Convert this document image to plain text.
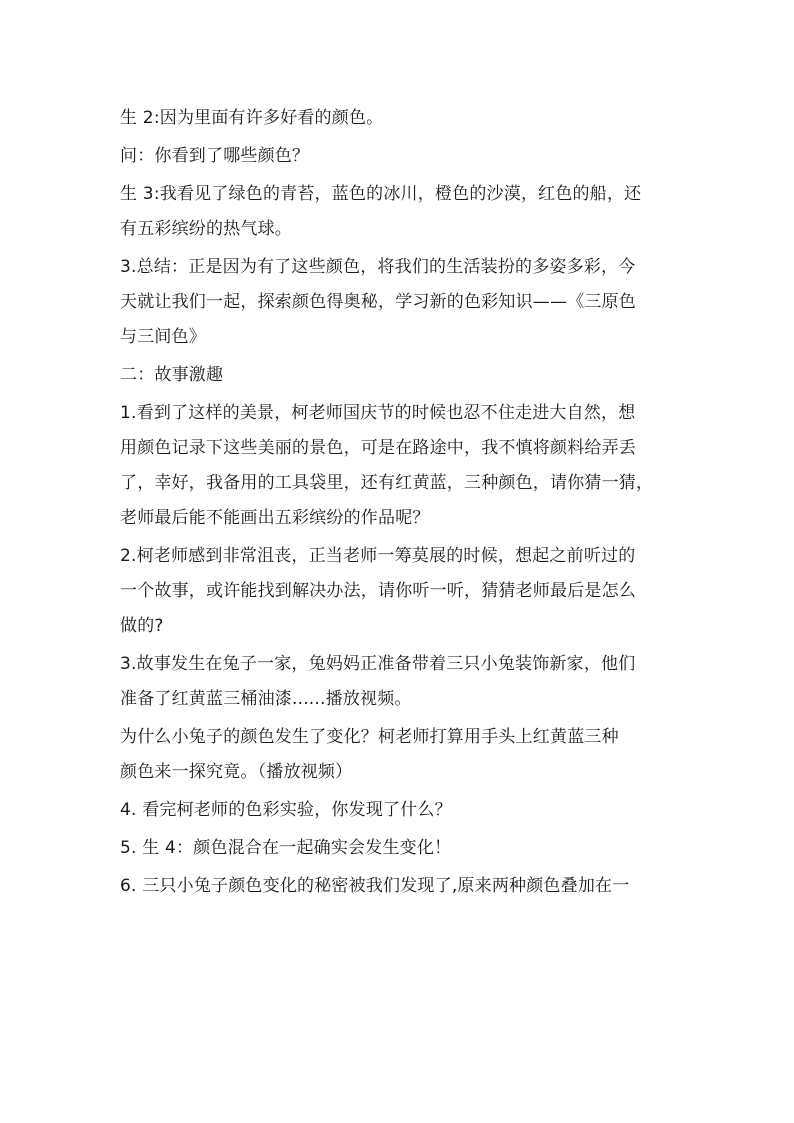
生 2:因为里面有许多好看的颜色。

问：你看到了哪些颜色？

生 3:我看见了绿色的青苔，蓝色的冰川，橙色的沙漠，红色的船，还
有五彩缤纷的热气球。

3.总结：正是因为有了这些颜色，将我们的生活装扮的多姿多彩，今
天就让我们一起，探索颜色得奥秘，学习新的色彩知识——《三原色
与三间色》

二：故事激趣

1.看到了这样的美景，柯老师国庆节的时候也忍不住走进大自然，想
用颜色记录下这些美丽的景色，可是在路途中，我不慎将颜料给弄丢
了，幸好，我备用的工具袋里，还有红黄蓝，三种颜色，请你猜一猜，
老师最后能不能画出五彩缤纷的作品呢？

2.柯老师感到非常沮丧，正当老师一筹莫展的时候，想起之前听过的
一个故事，或许能找到解决办法，请你听一听，猜猜老师最后是怎么
做的?

3.故事发生在兔子一家，兔妈妈正准备带着三只小兔装饰新家，他们
准备了红黄蓝三桶油漆......播放视频。

为什么小兔子的颜色发生了变化？柯老师打算用手头上红黄蓝三种
颜色来一探究竟。（播放视频）

4. 看完柯老师的色彩实验，你发现了什么？

5. 生 4：颜色混合在一起确实会发生变化！

6. 三只小兔子颜色变化的秘密被我们发现了,原来两种颜色叠加在一
